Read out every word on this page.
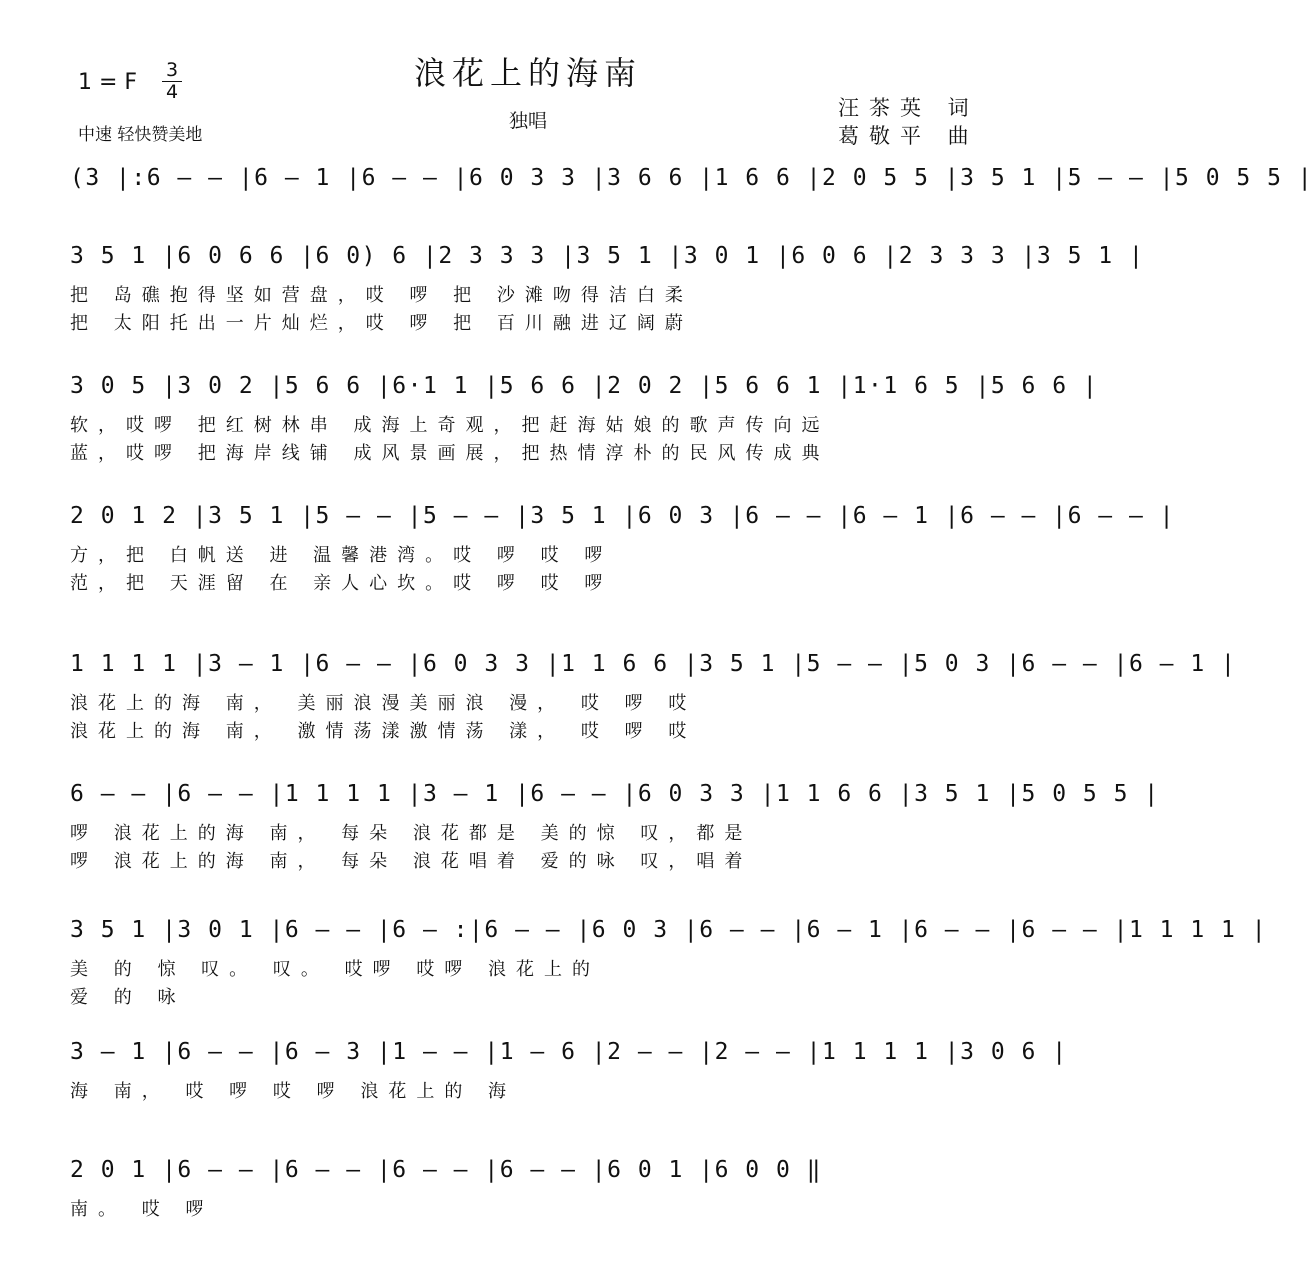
浪花上的海南
独唱
1 = F 3
4
中速 轻快赞美地
汪茶英 词
葛敬平 曲
(3 |:6 — — |6 — 1 |6 — — |6 0 3 3 |3 6 6 |1 6 6 |2 0 5 5 |3 5 1 |5 — — |5 0 5 5 |
3 5 1 |6 0 6 6 |6 0) 6 |2 3 3 3 |3 5 1 |3 0 1 |6 0 6 |2 3 3 3 |3 5 1 |
把 岛礁抱得坚如营盘，哎 啰 把 沙滩吻得洁白柔
把 太阳托出一片灿烂，哎 啰 把 百川融进辽阔蔚
3 0 5 |3 0 2 |5 6 6 |6·1 1 |5 6 6 |2 0 2 |5 6 6 1 |1·1 6 5 |5 6 6 |
软，哎啰 把红树林串 成海上奇观，把赶海姑娘的歌声传向远
蓝，哎啰 把海岸线铺 成风景画展，把热情淳朴的民风传成典
2 0 1 2 |3 5 1 |5 — — |5 — — |3 5 1 |6 0 3 |6 — — |6 — 1 |6 — — |6 — — |
方，把 白帆送 进 温馨港湾。哎 啰 哎 啰
范，把 天涯留 在 亲人心坎。哎 啰 哎 啰
1 1 1 1 |3 — 1 |6 — — |6 0 3 3 |1 1 6 6 |3 5 1 |5 — — |5 0 3 |6 — — |6 — 1 |
浪花上的海 南， 美丽浪漫美丽浪 漫， 哎 啰 哎
浪花上的海 南， 激情荡漾激情荡 漾， 哎 啰 哎
6 — — |6 — — |1 1 1 1 |3 — 1 |6 — — |6 0 3 3 |1 1 6 6 |3 5 1 |5 0 5 5 |
啰 浪花上的海 南， 每朵 浪花都是 美的惊 叹，都是
啰 浪花上的海 南， 每朵 浪花唱着 爱的咏 叹，唱着
3 5 1 |3 0 1 |6 — — |6 — :|6 — — |6 0 3 |6 — — |6 — 1 |6 — — |6 — — |1 1 1 1 |
美 的 惊 叹。 叹。 哎啰 哎啰 浪花上的
爱 的 咏
3 — 1 |6 — — |6 — 3 |1 — — |1 — 6 |2 — — |2 — — |1 1 1 1 |3 0 6 |
海 南， 哎 啰 哎 啰 浪花上的 海
2 0 1 |6 — — |6 — — |6 — — |6 — — |6 0 1 |6 0 0 ‖
南。 哎 啰
